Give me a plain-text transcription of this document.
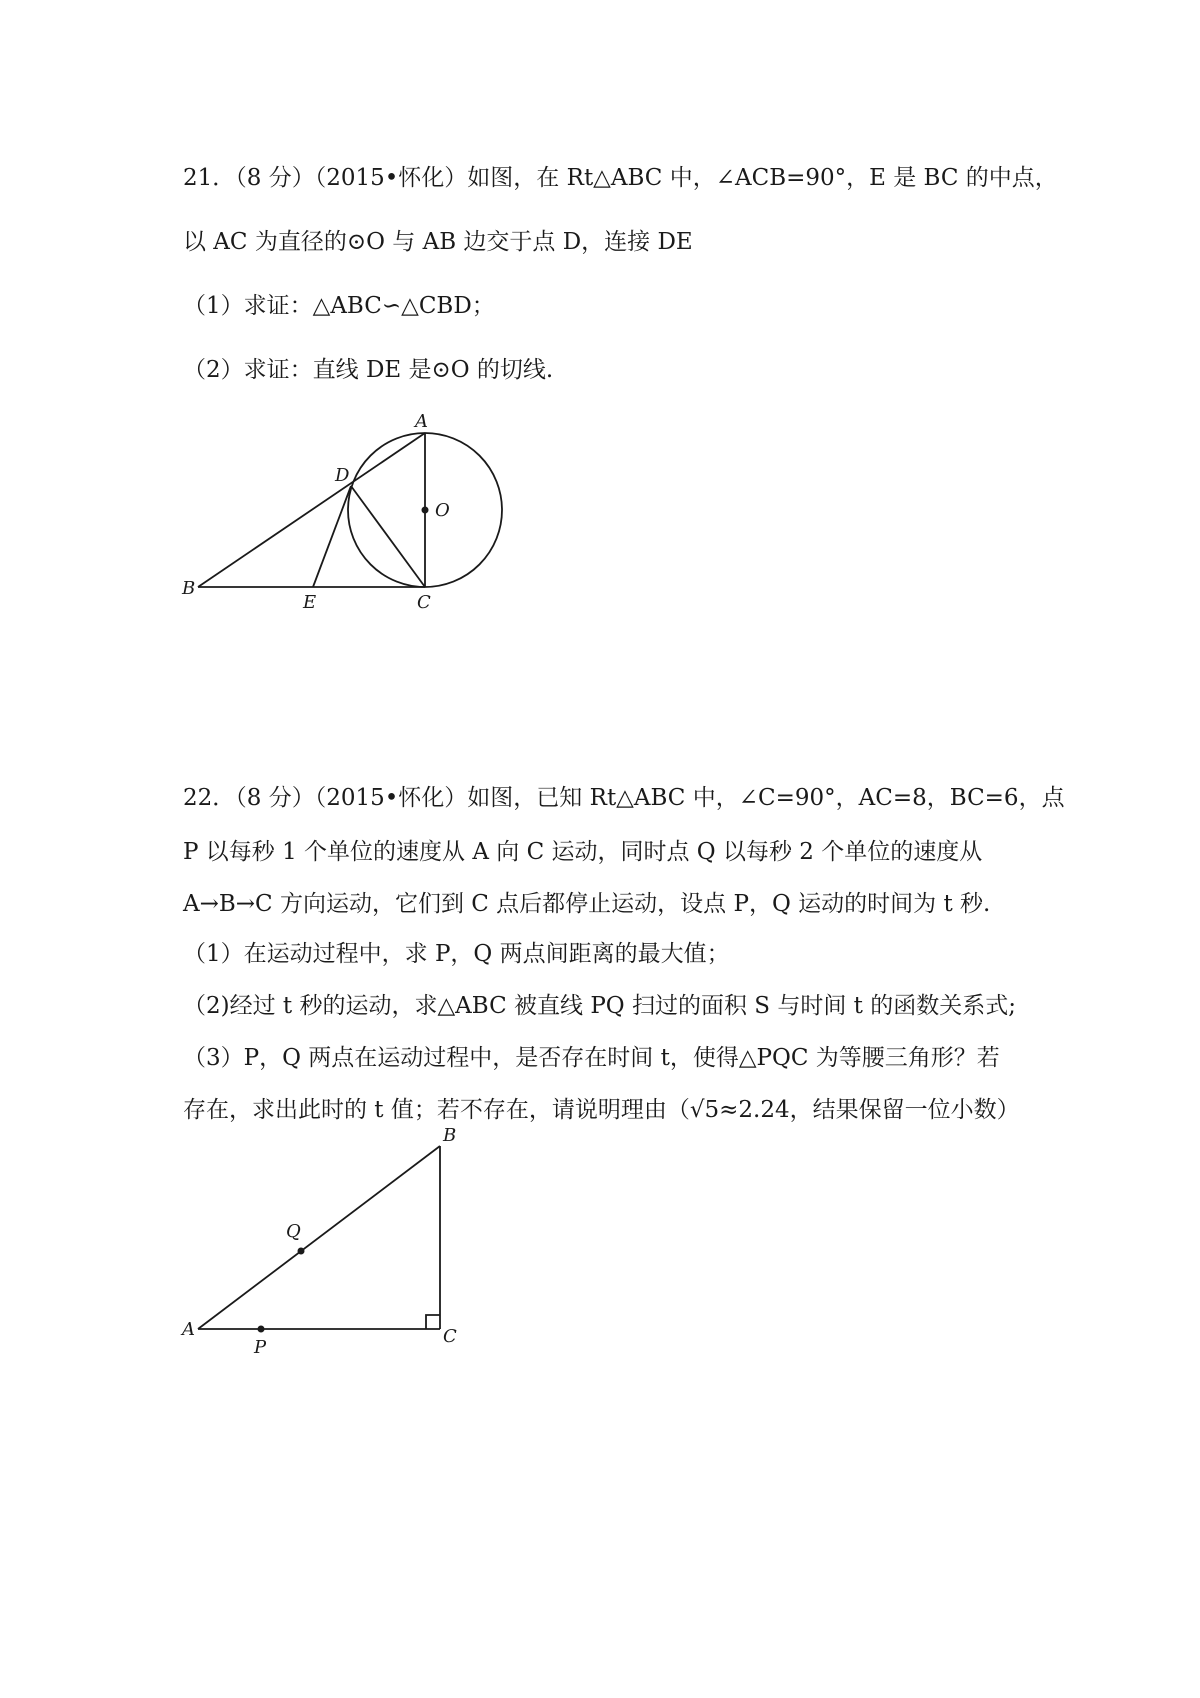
21．（8 分）（2015•怀化）如图，在 Rt△ABC 中，∠ACB=90°，E 是 BC 的中点，
以 AC 为直径的⊙O 与 AB 边交于点 D，连接 DE
（1）求证：△ABC∽△CBD；
（2）求证：直线 DE 是⊙O 的切线.
A
D
O
B
E	C
22．（8 分）（2015•怀化）如图，已知 Rt△ABC 中，∠C=90°，AC=8，BC=6，点
P 以每秒 1 个单位的速度从 A 向 C 运动，同时点 Q 以每秒 2 个单位的速度从
A→B→C 方向运动，它们到 C 点后都停止运动，设点 P，Q 运动的时间为 t 秒.
（1）在运动过程中，求 P，Q 两点间距离的最大值；
（2)经过 t 秒的运动，求△ABC 被直线 PQ 扫过的面积 S 与时间 t 的函数关系式;
（3）P，Q 两点在运动过程中，是否存在时间 t，使得△PQC 为等腰三角形？若
存在，求出此时的 t 值；若不存在，请说明理由（√5≈2.24，结果保留一位小数）
B
Q
A
P
C
